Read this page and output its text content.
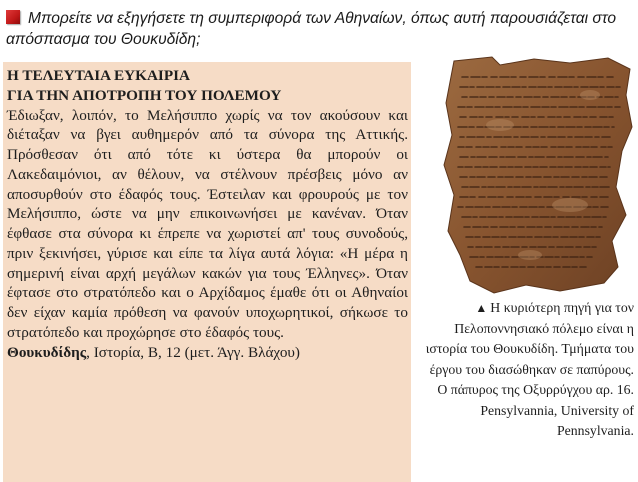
Μπορείτε να εξηγήσετε τη συμπεριφορά των Αθηναίων, όπως αυτή παρουσιάζεται στο απόσπασμα του Θουκυδίδη;

Η ΤΕΛΕΥΤΑΙΑ ΕΥΚΑΙΡΙΑ

ΓΙΑ ΤΗΝ ΑΠΟΤΡΟΠΗ ΤΟΥ ΠΟΛΕΜΟΥ

Έδιωξαν, λοιπόν, το Μελήσιππο χωρίς να τον ακούσουν και διέταξαν να βγει αυθημερόν από τα σύνορα της Αττικής. Πρόσθεσαν ότι από τότε κι ύστερα θα μπορούν οι Λακεδαιμόνιοι, αν θέλουν, να στέλνουν πρέσβεις μόνο αν αποσυρθούν στο έδαφός τους. Έστειλαν και φρουρούς με τον Μελήσιππο, ώστε να μην επικοινωνήσει με κανέναν. Όταν έφθασε στα σύνορα κι έπρεπε να χωριστεί απ' τους συνοδούς, πριν ξεκινήσει, γύρισε και είπε τα λίγα αυτά λόγια: «Η μέρα η σημερινή είναι αρχή μεγάλων κακών για τους Έλληνες». Όταν έφτασε στο στρατόπεδο και ο Αρχίδαμος έμαθε ότι οι Αθηναίοι δεν είχαν καμία πρόθεση να φανούν υποχωρητικοί, σήκωσε το στρατόπεδο και προχώρησε στο έδαφός τους.

Θουκυδίδης, Ιστορία, Β, 12 (μετ. Άγγ. Βλάχου)

▲ Η κυριότερη πηγή για τον Πελοποννησιακό πόλεμο είναι η ιστορία του Θουκυδίδη. Τμήματα του έργου του διασώθηκαν σε παπύρους. Ο πάπυρος της Οξυρρύγχου αρ. 16. Pensylvannia, University of Pennsylvania.
